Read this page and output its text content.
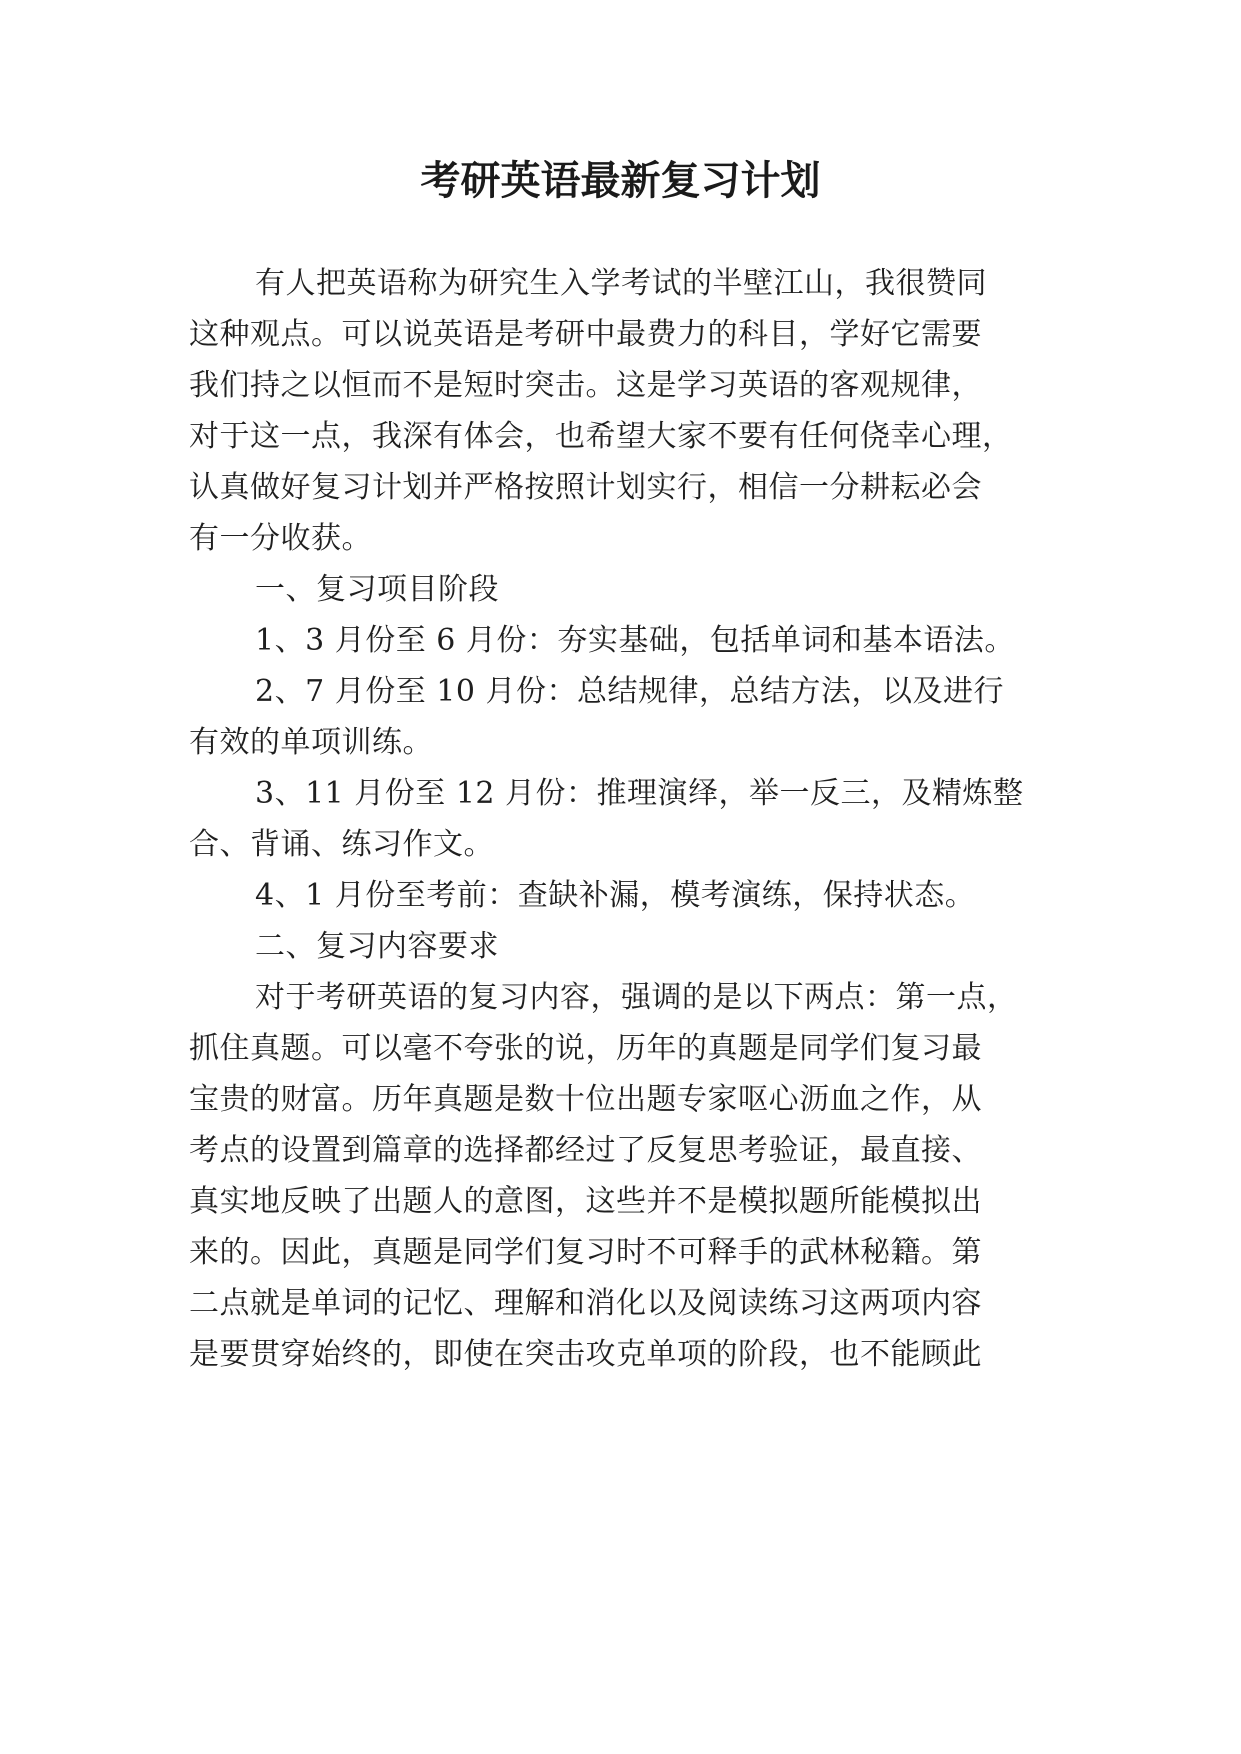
考研英语最新复习计划

有人把英语称为研究生入学考试的半壁江山，我很赞同

这种观点。可以说英语是考研中最费力的科目，学好它需要

我们持之以恒而不是短时突击。这是学习英语的客观规律，

对于这一点，我深有体会，也希望大家不要有任何侥幸心理，

认真做好复习计划并严格按照计划实行，相信一分耕耘必会

有一分收获。

一、复习项目阶段

1、3 月份至 6 月份：夯实基础，包括单词和基本语法。

2、7 月份至 10 月份：总结规律，总结方法，以及进行

有效的单项训练。

3、11 月份至 12 月份：推理演绎，举一反三，及精炼整

合、背诵、练习作文。

4、1 月份至考前：查缺补漏，模考演练，保持状态。

二、复习内容要求

对于考研英语的复习内容，强调的是以下两点：第一点，

抓住真题。可以毫不夸张的说，历年的真题是同学们复习最

宝贵的财富。历年真题是数十位出题专家呕心沥血之作，从

考点的设置到篇章的选择都经过了反复思考验证，最直接、

真实地反映了出题人的意图，这些并不是模拟题所能模拟出

来的。因此，真题是同学们复习时不可释手的武林秘籍。第

二点就是单词的记忆、理解和消化以及阅读练习这两项内容

是要贯穿始终的，即使在突击攻克单项的阶段，也不能顾此
